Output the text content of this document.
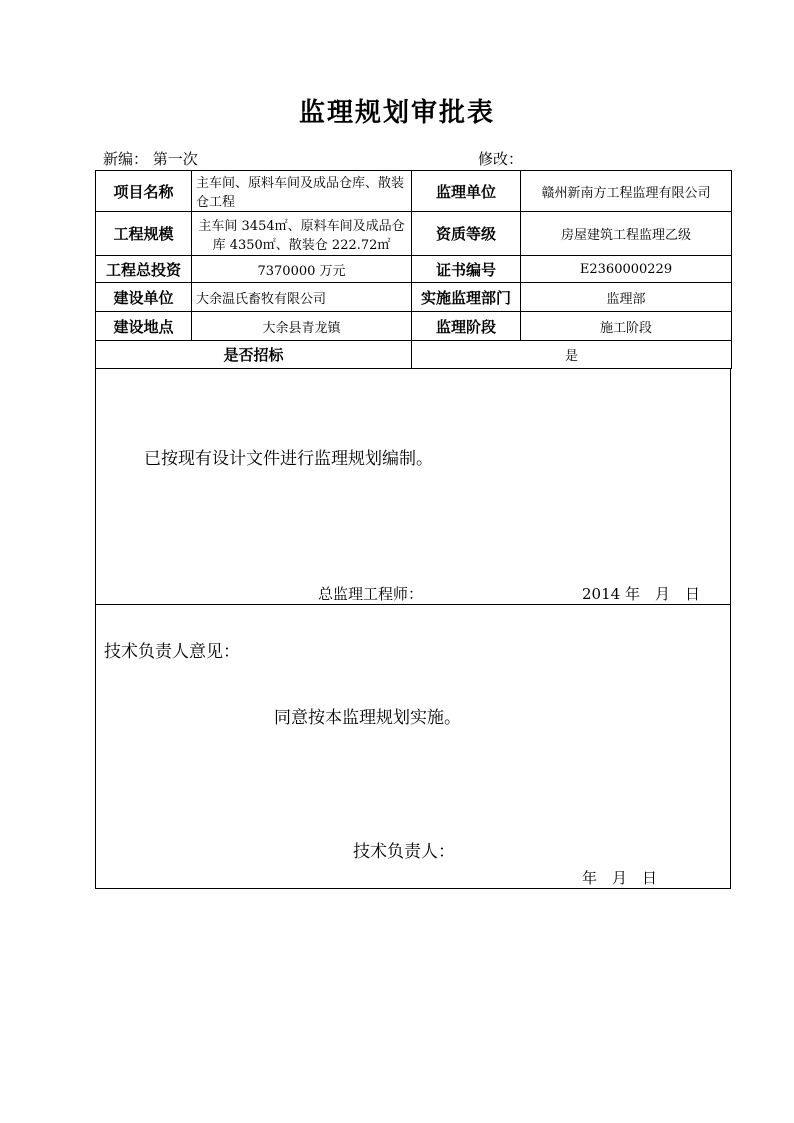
监理规划审批表
新编： 第一次	修改：
项目名称	主车间、原料车间及成品仓库、散装仓工程	监理单位	赣州新南方工程监理有限公司
工程规模	主车间 3454㎡、原料车间及成品仓库 4350㎡、散装仓 222.72㎡	资质等级	房屋建筑工程监理乙级
工程总投资	7370000 万元	证书编号	E2360000229
建设单位	大余温氏畜牧有限公司	实施监理部门	监理部
建设地点	大余县青龙镇	监理阶段	施工阶段
是否招标		是	
已按现有设计文件进行监理规划编制。
总监理工程师：	2014 年　月　日
技术负责人意见：
同意按本监理规划实施。
技术负责人：
年　月　日
